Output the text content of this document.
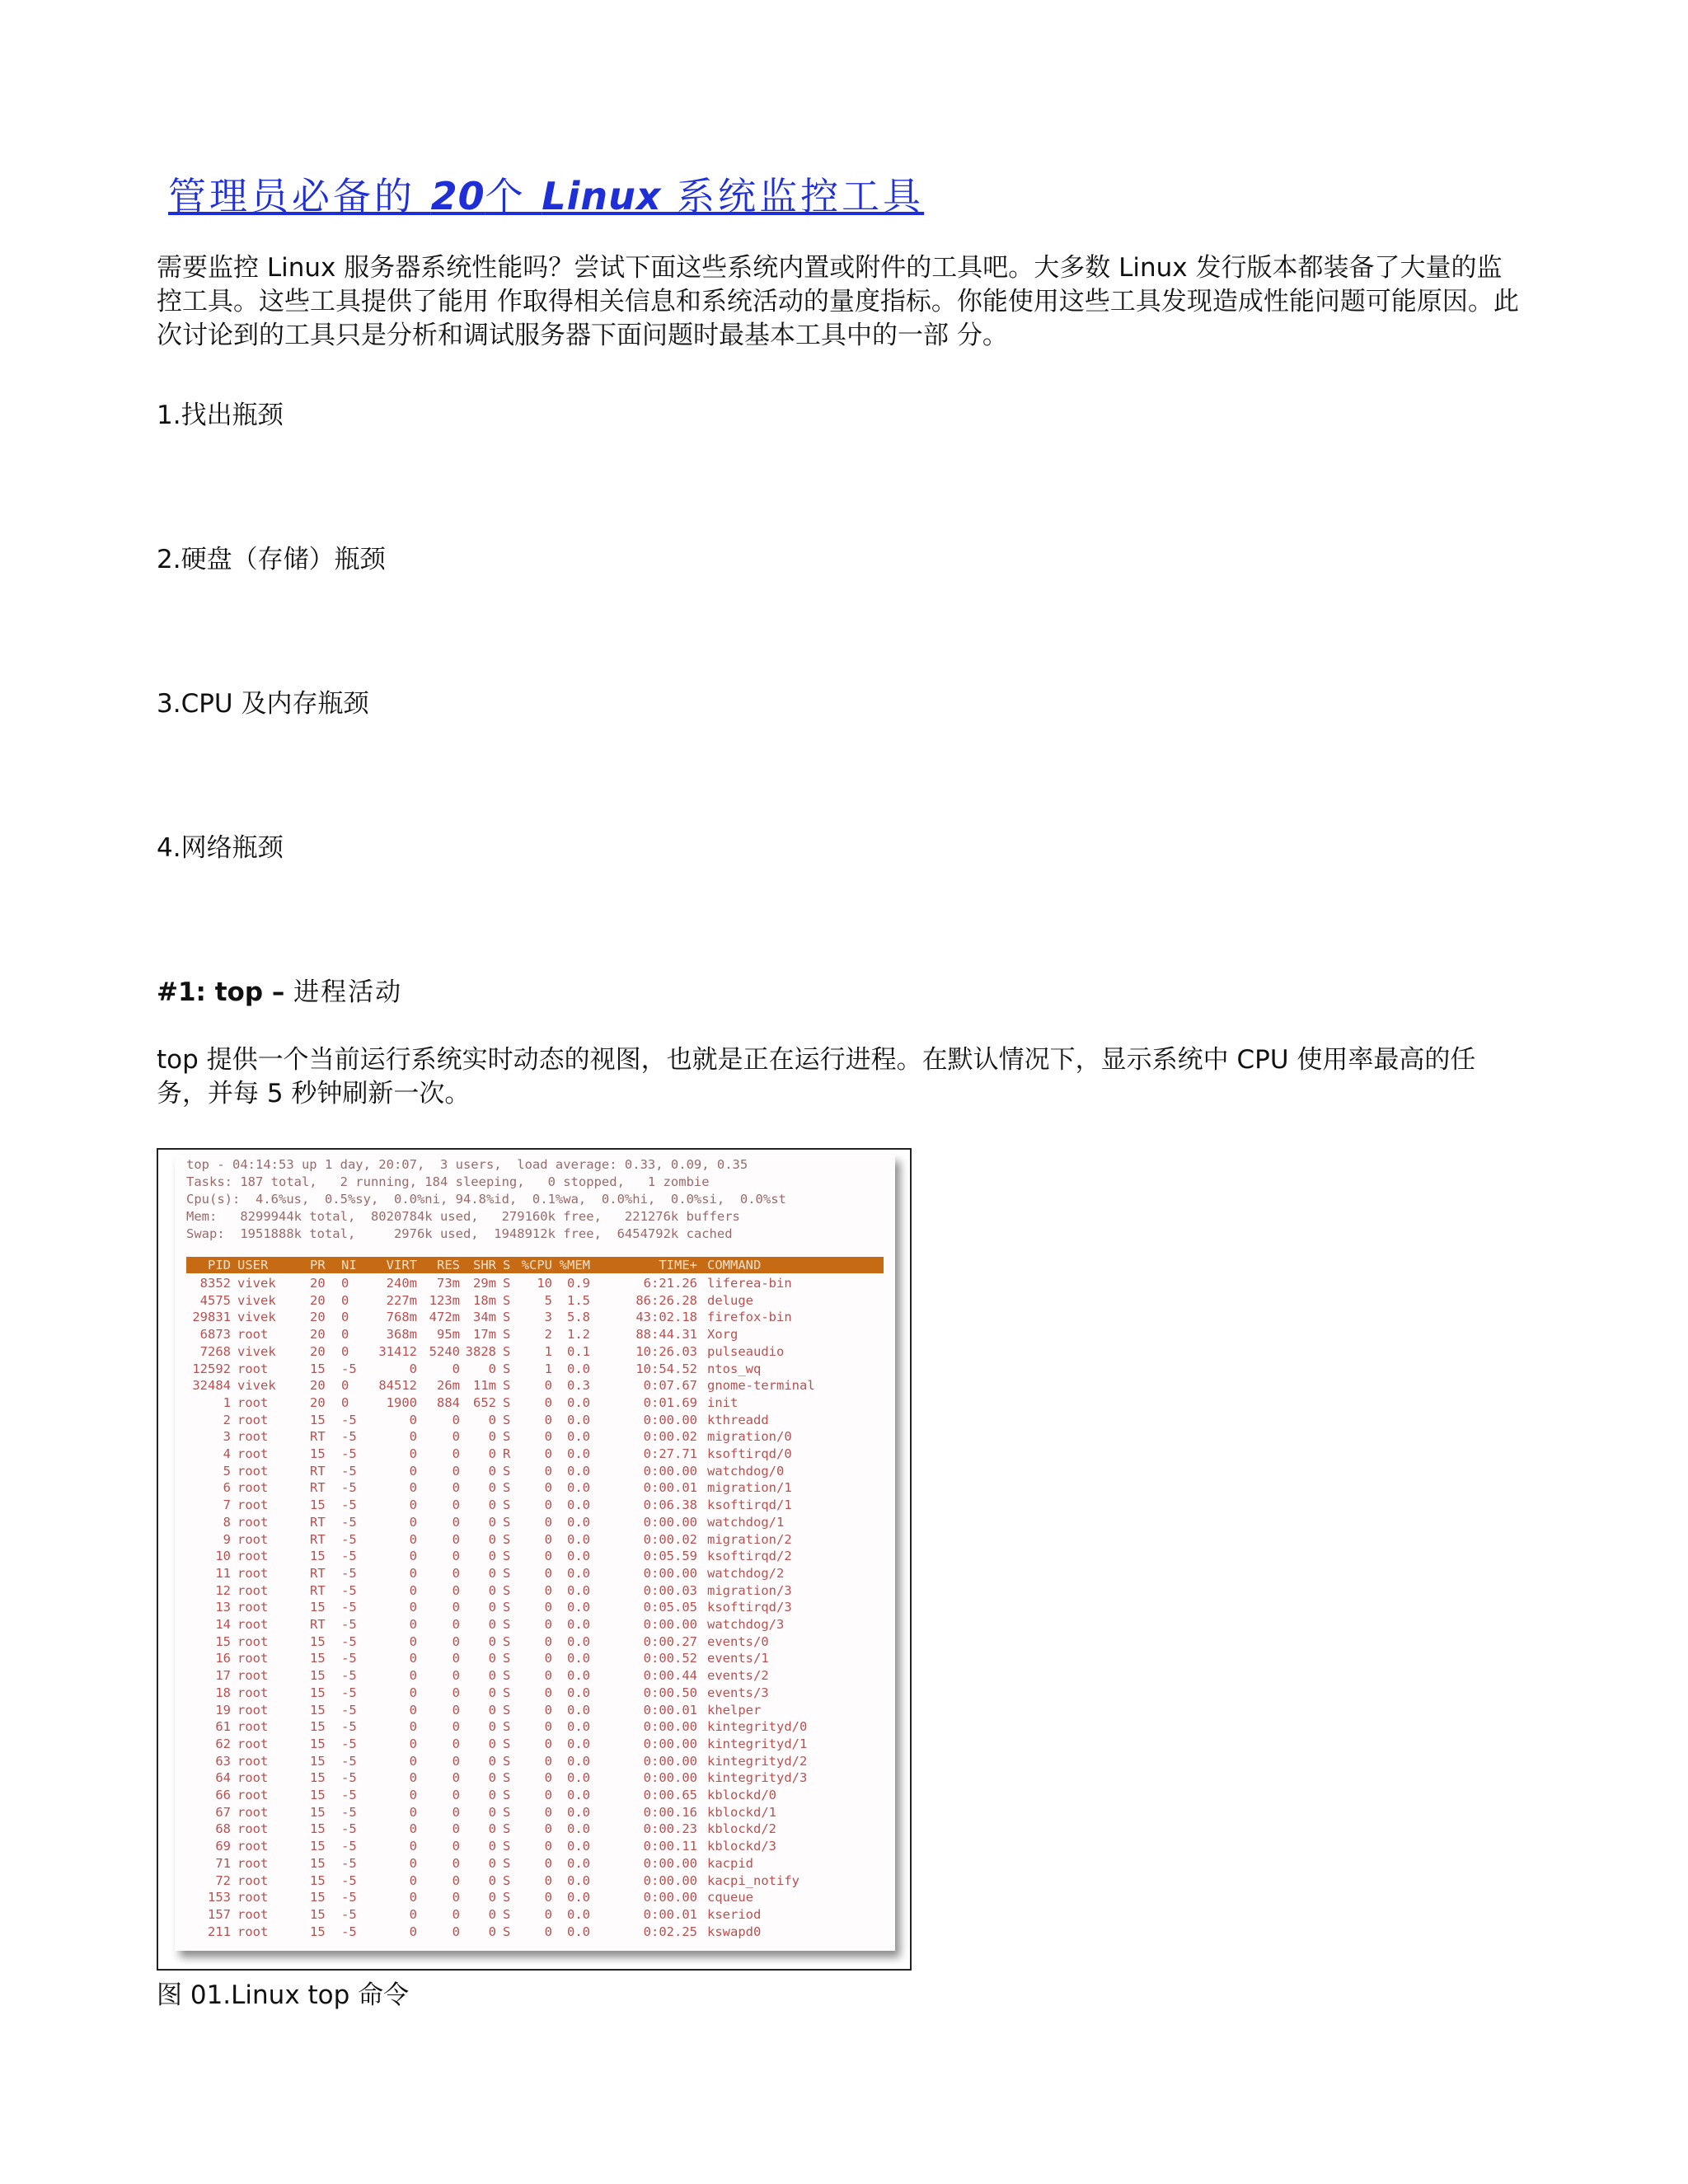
管理员必备的 20个 Linux 系统监控工具

需要监控 Linux 服务器系统性能吗？尝试下面这些系统内置或附件的工具吧。大多数 Linux 发行版本都装备了大量的监控工具。这些工具提供了能用 作取得相关信息和系统活动的量度指标。你能使用这些工具发现造成性能问题可能原因。此次讨论到的工具只是分析和调试服务器下面问题时最基本工具中的一部 分。

1.找出瓶颈

2.硬盘（存储）瓶颈

3.CPU 及内存瓶颈

4.网络瓶颈

#1: top – 进程活动

top 提供一个当前运行系统实时动态的视图，也就是正在运行进程。在默认情况下，显示系统中 CPU 使用率最高的任务，并每 5 秒钟刷新一次。

top - 04:14:53 up 1 day, 20:07,  3 users,  load average: 0.33, 0.09, 0.35
Tasks: 187 total,   2 running, 184 sleeping,   0 stopped,   1 zombie
Cpu(s):  4.6%us,  0.5%sy,  0.0%ni, 94.8%id,  0.1%wa,  0.0%hi,  0.0%si,  0.0%st
Mem:   8299944k total,  8020784k used,   279160k free,   221276k buffers
Swap:  1951888k total,     2976k used,  1948912k free,  6454792k cached
PID USER	PR	NI	VIRT	RES	SHR S %CPU %MEM	TIME+ COMMAND
8352 vivek	20	0	240m	73m	29m S	10	0.9	6:21.26 liferea-bin
4575 vivek	20	0	227m 123m	18m S	5	1.5	86:26.28 deluge
29831 vivek	20	0	768m 472m	34m S	3	5.8	43:02.18 firefox-bin
6873 root	20	0	368m	95m	17m S	2	1.2	88:44.31 Xorg
7268 vivek	20	0	31412 5240 3828 S	1	0.1	10:26.03 pulseaudio
12592 root	15	-5	0	0	0 S	1	0.0	10:54.52 ntos_wq
32484 vivek	20	0	84512	26m	11m S	0	0.3	0:07.67 gnome-terminal
1 root	20	0	1900	884	652 S	0	0.0	0:01.69 init
2 root	15	-5	0	0	0 S	0	0.0	0:00.00 kthreadd
3 root	RT	-5	0	0	0 S	0	0.0	0:00.02 migration/0
4 root	15	-5	0	0	0 R	0	0.0	0:27.71 ksoftirqd/0
5 root	RT	-5	0	0	0 S	0	0.0	0:00.00 watchdog/0
6 root	RT	-5	0	0	0 S	0	0.0	0:00.01 migration/1
7 root	15	-5	0	0	0 S	0	0.0	0:06.38 ksoftirqd/1
8 root	RT	-5	0	0	0 S	0	0.0	0:00.00 watchdog/1
9 root	RT	-5	0	0	0 S	0	0.0	0:00.02 migration/2
10 root	15	-5	0	0	0 S	0	0.0	0:05.59 ksoftirqd/2
11 root	RT	-5	0	0	0 S	0	0.0	0:00.00 watchdog/2
12 root	RT	-5	0	0	0 S	0	0.0	0:00.03 migration/3
13 root	15	-5	0	0	0 S	0	0.0	0:05.05 ksoftirqd/3
14 root	RT	-5	0	0	0 S	0	0.0	0:00.00 watchdog/3
15 root	15	-5	0	0	0 S	0	0.0	0:00.27 events/0
16 root	15	-5	0	0	0 S	0	0.0	0:00.52 events/1
17 root	15	-5	0	0	0 S	0	0.0	0:00.44 events/2
18 root	15	-5	0	0	0 S	0	0.0	0:00.50 events/3
19 root	15	-5	0	0	0 S	0	0.0	0:00.01 khelper
61 root	15	-5	0	0	0 S	0	0.0	0:00.00 kintegrityd/0
62 root	15	-5	0	0	0 S	0	0.0	0:00.00 kintegrityd/1
63 root	15	-5	0	0	0 S	0	0.0	0:00.00 kintegrityd/2
64 root	15	-5	0	0	0 S	0	0.0	0:00.00 kintegrityd/3
66 root	15	-5	0	0	0 S	0	0.0	0:00.65 kblockd/0
67 root	15	-5	0	0	0 S	0	0.0	0:00.16 kblockd/1
68 root	15	-5	0	0	0 S	0	0.0	0:00.23 kblockd/2
69 root	15	-5	0	0	0 S	0	0.0	0:00.11 kblockd/3
71 root	15	-5	0	0	0 S	0	0.0	0:00.00 kacpid
72 root	15	-5	0	0	0 S	0	0.0	0:00.00 kacpi_notify
153 root	15	-5	0	0	0 S	0	0.0	0:00.00 cqueue
157 root	15	-5	0	0	0 S	0	0.0	0:00.01 kseriod
211 root	15	-5	0	0	0 S	0	0.0	0:02.25 kswapd0

图 01.Linux top 命令
